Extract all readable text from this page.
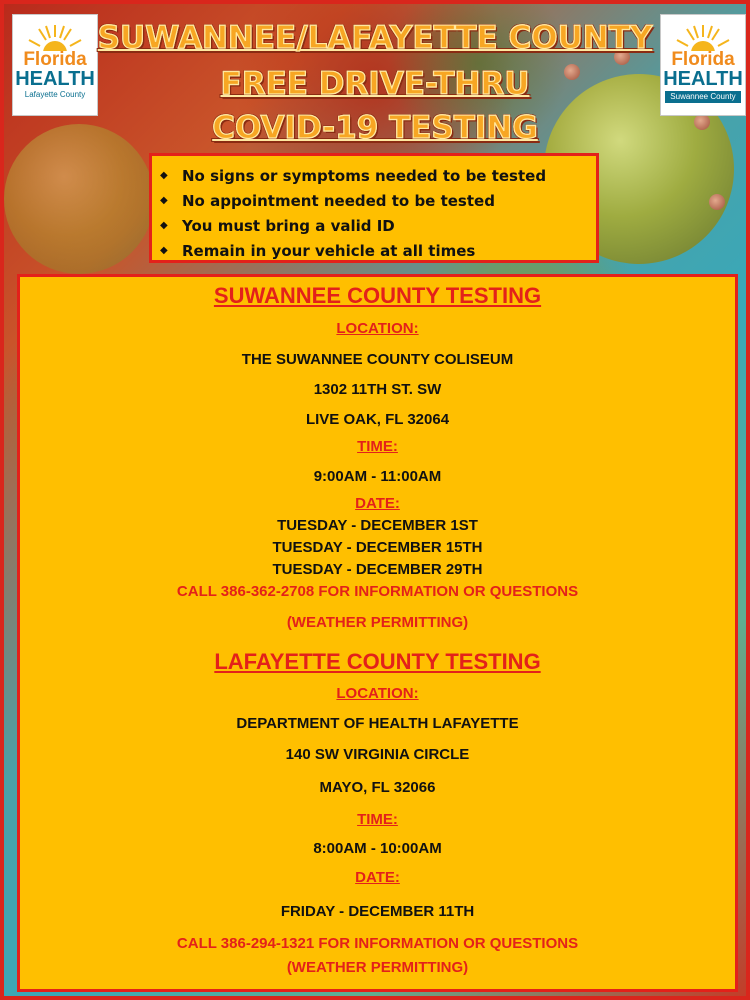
Florida
HEALTH
Lafayette County
Florida
HEALTH
Suwannee County
SUWANNEE/LAFAYETTE COUNTY
FREE DRIVE-THRU
COVID-19 TESTING
◆ No signs or symptoms needed to be tested
◆ No appointment needed to be tested
◆ You must bring a valid ID
◆ Remain in your vehicle at all times
SUWANNEE COUNTY TESTING
LOCATION:
THE SUWANNEE COUNTY COLISEUM
1302 11TH ST. SW
LIVE OAK, FL 32064
TIME:
9:00AM - 11:00AM
DATE:
TUESDAY - DECEMBER 1ST
TUESDAY - DECEMBER 15TH
TUESDAY - DECEMBER 29TH
CALL 386-362-2708 FOR INFORMATION OR QUESTIONS
(WEATHER PERMITTING)
LAFAYETTE COUNTY TESTING
LOCATION:
DEPARTMENT OF HEALTH LAFAYETTE
140 SW VIRGINIA CIRCLE
MAYO, FL 32066
TIME:
8:00AM - 10:00AM
DATE:
FRIDAY - DECEMBER 11TH
CALL 386-294-1321 FOR INFORMATION OR QUESTIONS
(WEATHER PERMITTING)
